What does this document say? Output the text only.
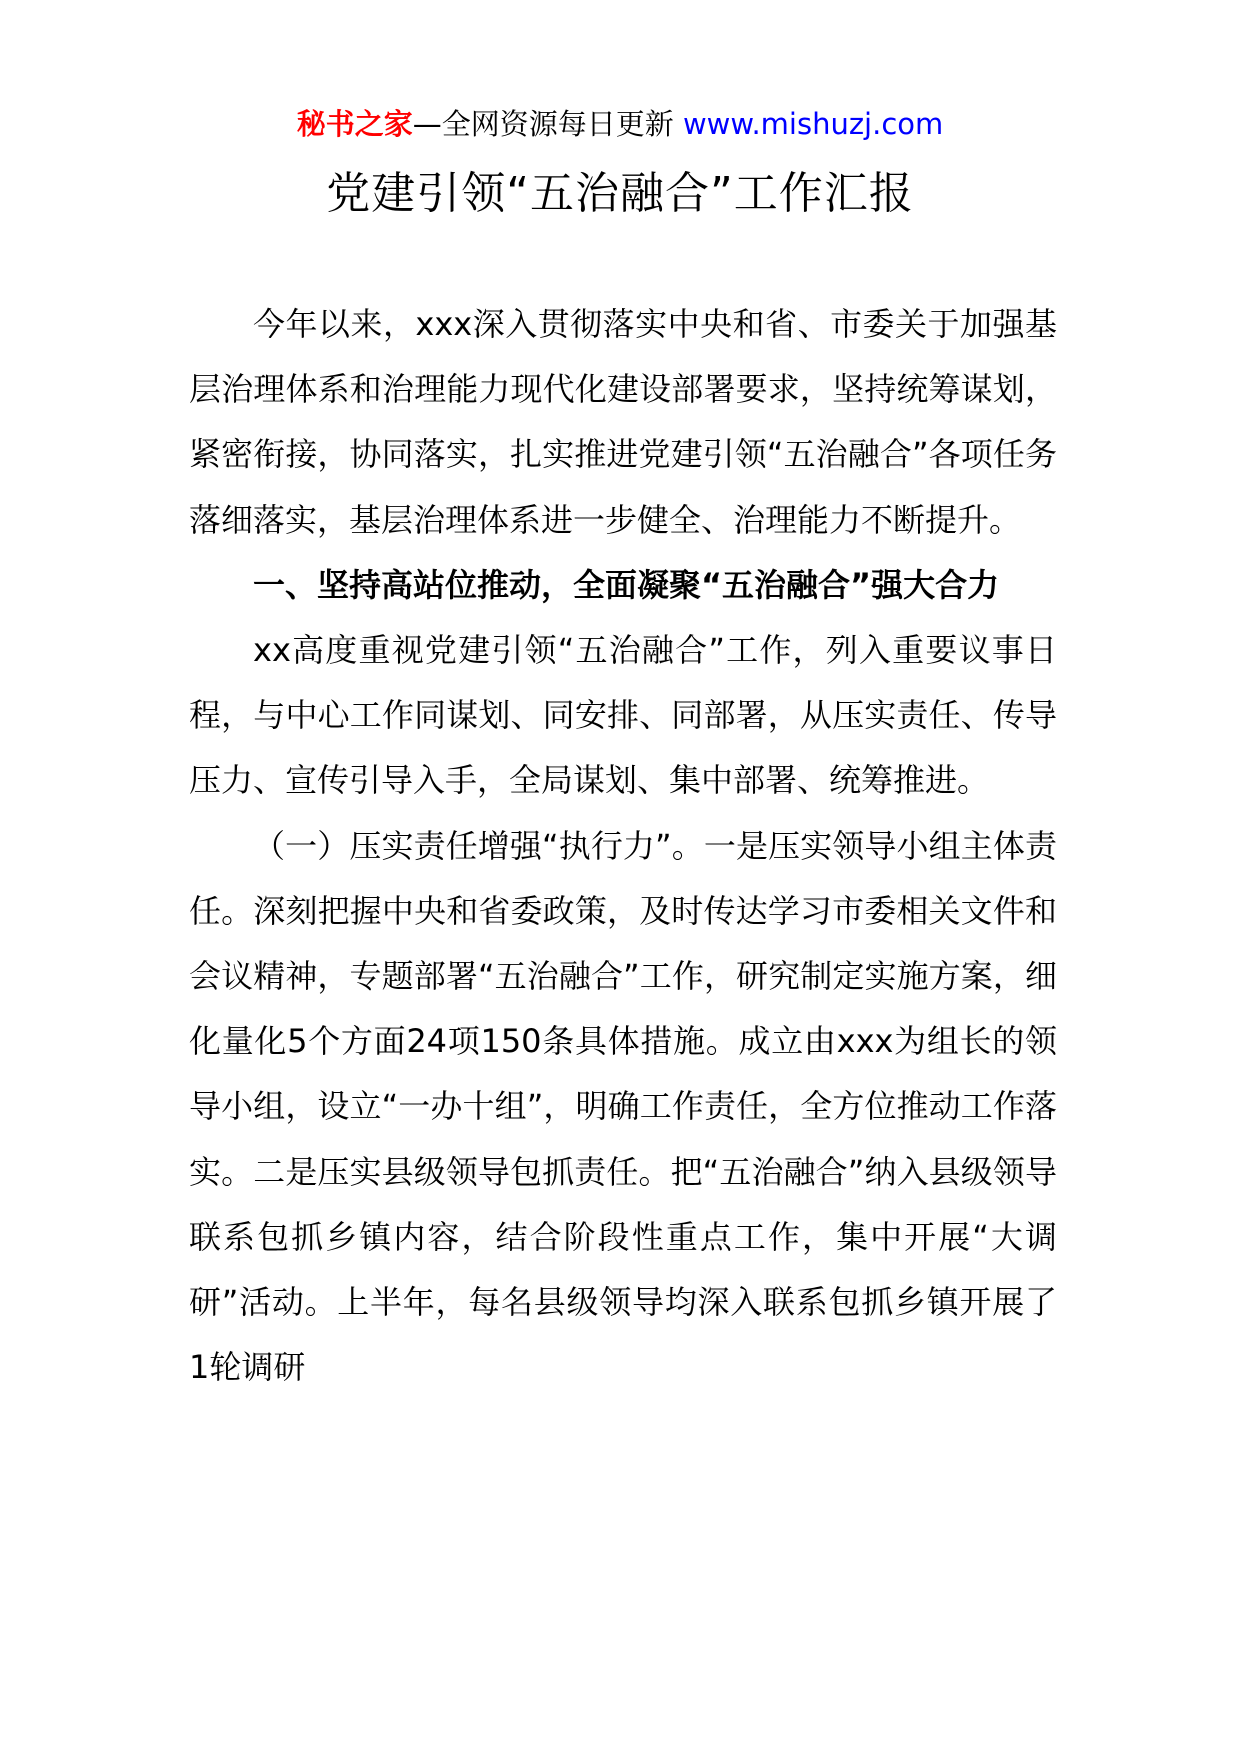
秘书之家—全网资源每日更新 www.mishuzj.com
党建引领“五治融合”工作汇报

今年以来，xxx深入贯彻落实中央和省、市委关于加强基层治理体系和治理能力现代化建设部署要求，坚持统筹谋划，紧密衔接，协同落实，扎实推进党建引领“五治融合”各项任务落细落实，基层治理体系进一步健全、治理能力不断提升。

一、坚持高站位推动，全面凝聚“五治融合”强大合力

xx高度重视党建引领“五治融合”工作，列入重要议事日程，与中心工作同谋划、同安排、同部署，从压实责任、传导压力、宣传引导入手，全局谋划、集中部署、统筹推进。

（一）压实责任增强“执行力”。一是压实领导小组主体责任。深刻把握中央和省委政策，及时传达学习市委相关文件和会议精神，专题部署“五治融合”工作，研究制定实施方案，细化量化5个方面24项150条具体措施。成立由xxx为组长的领导小组，设立“一办十组”，明确工作责任，全方位推动工作落实。二是压实县级领导包抓责任。把“五治融合”纳入县级领导联系包抓乡镇内容，结合阶段性重点工作，集中开展“大调研”活动。上半年，每名县级领导均深入联系包抓乡镇开展了1轮调研
